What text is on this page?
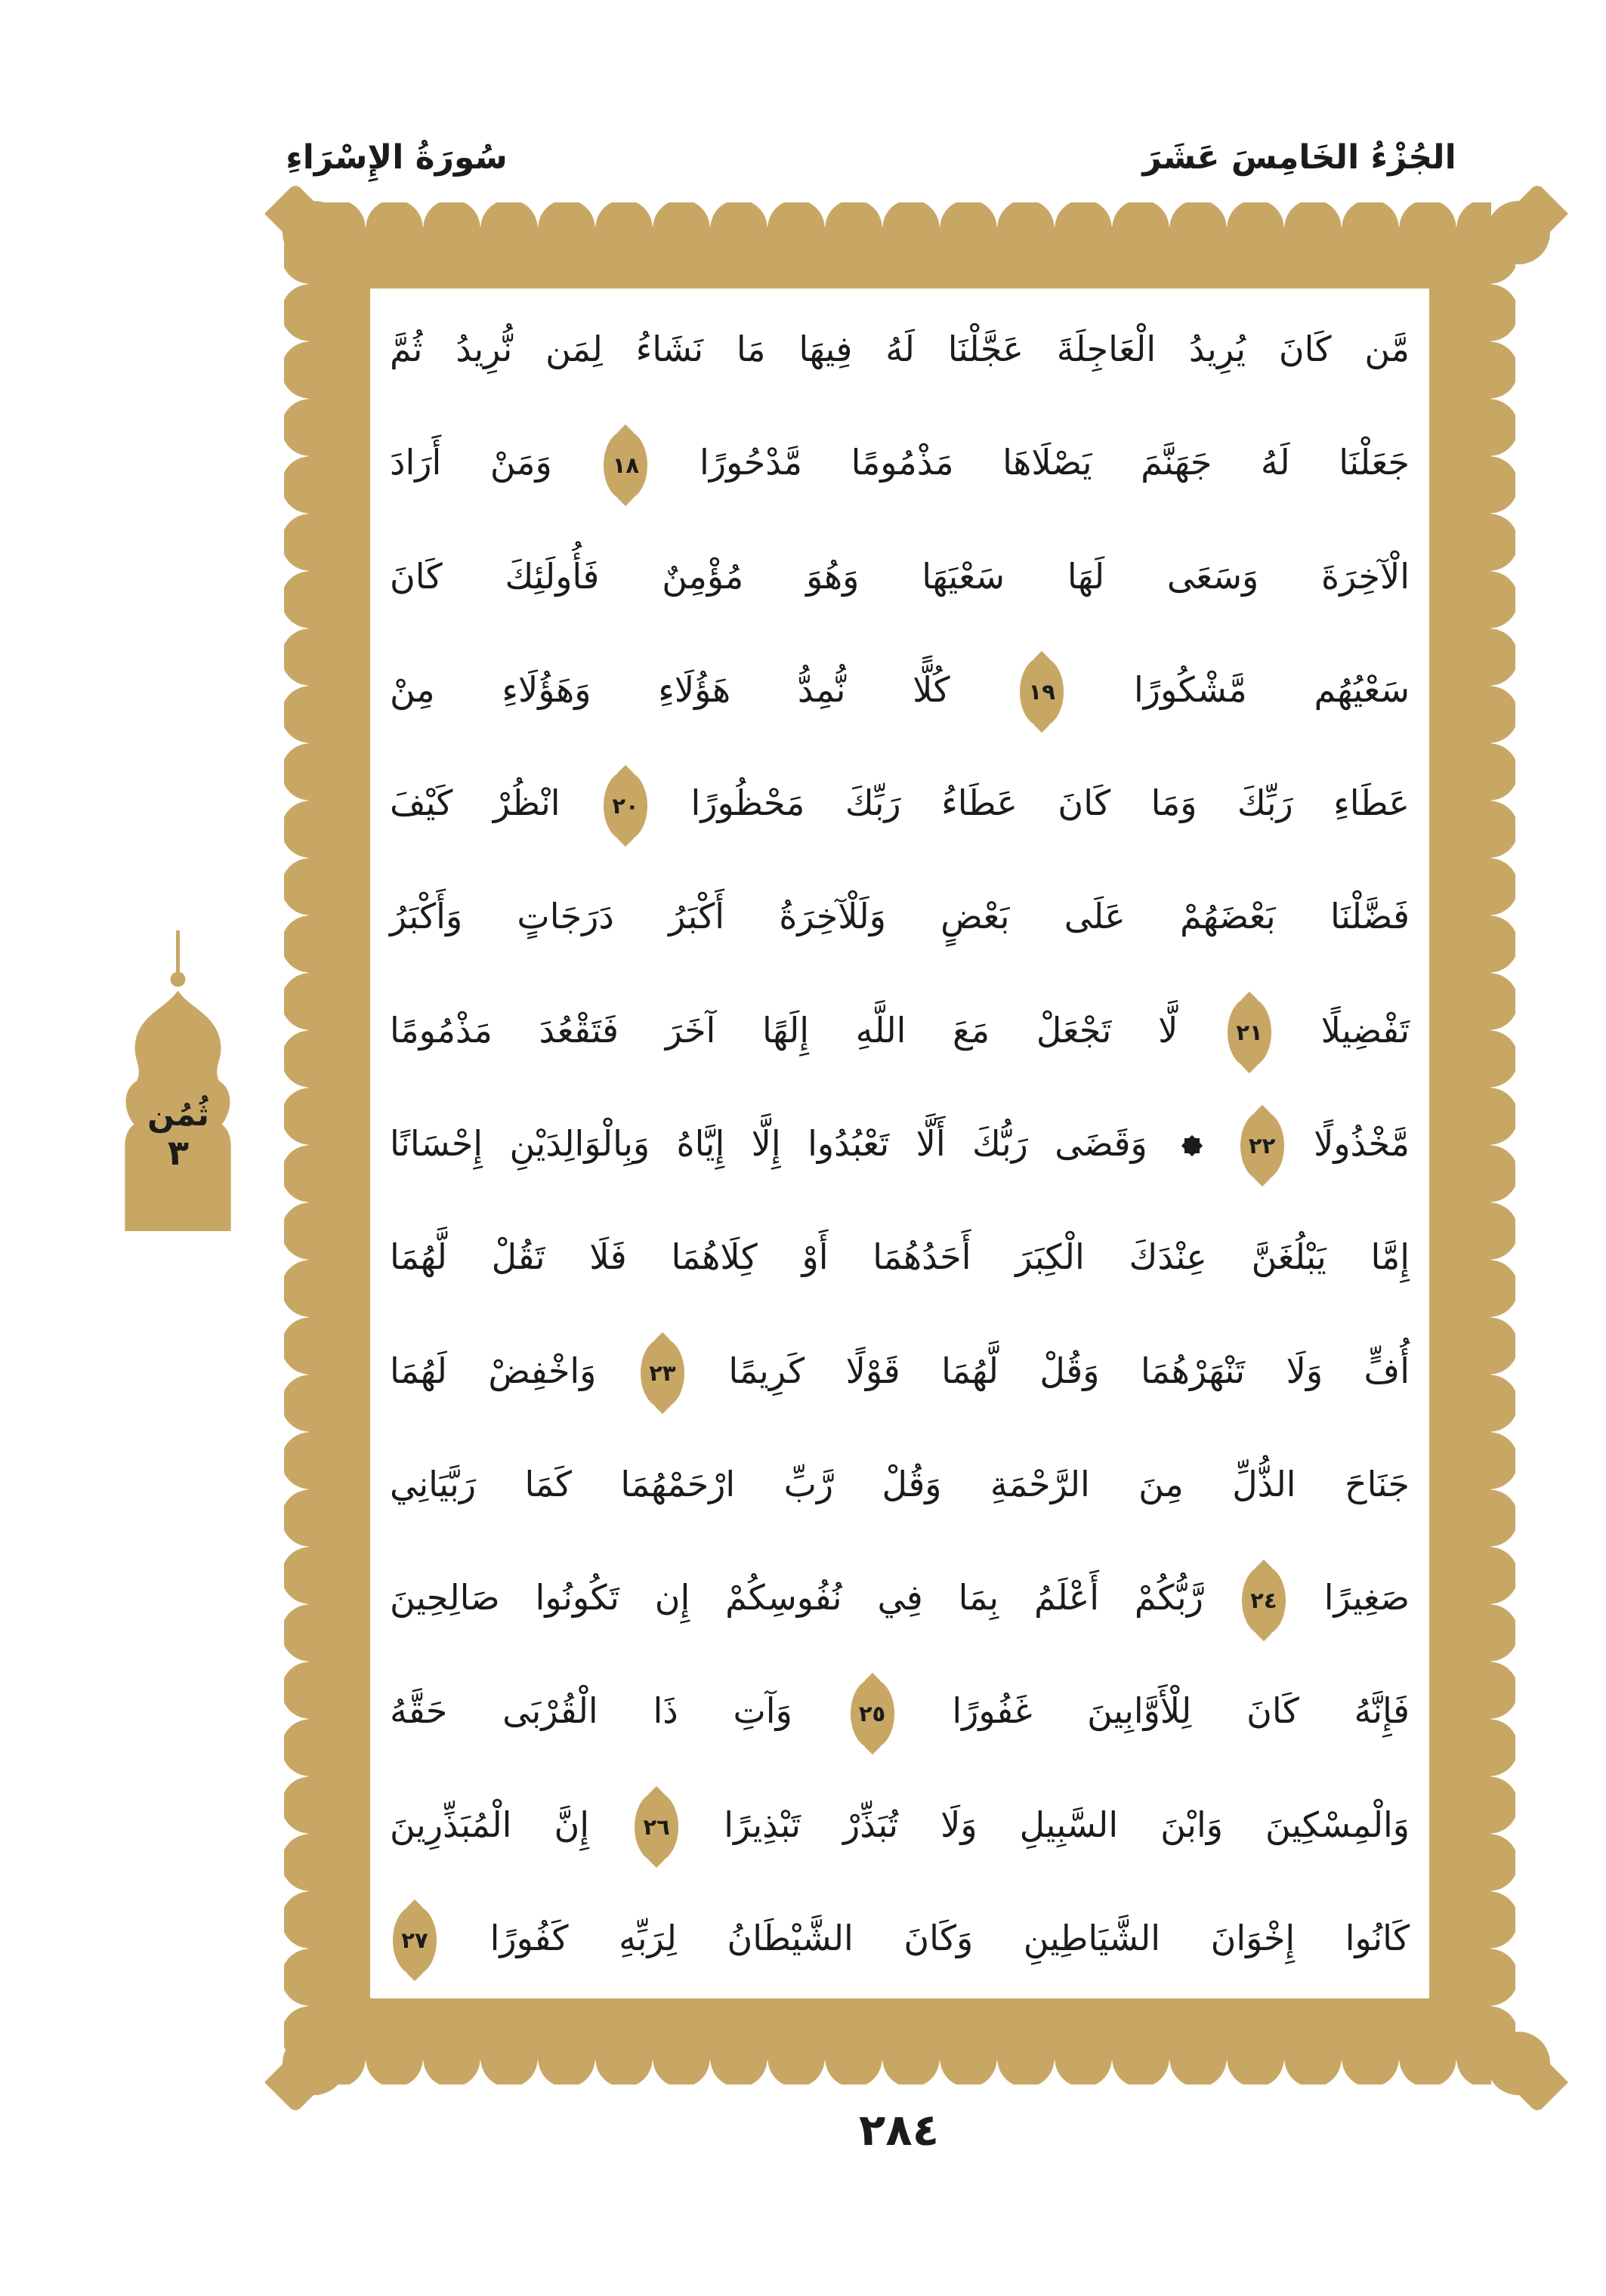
الجُزْءُ الخَامِسَ عَشَرَ
سُورَةُ الإِسْرَاءِ
مَّن كَانَ يُرِيدُ الْعَاجِلَةَ عَجَّلْنَا لَهُ فِيهَا مَا نَشَاءُ لِمَن نُّرِيدُ ثُمَّ
جَعَلْنَا لَهُ جَهَنَّمَ يَصْلَاهَا مَذْمُومًا مَّدْحُورًا
١٨
وَمَنْ أَرَادَ
الْآخِرَةَ وَسَعَى لَهَا سَعْيَهَا وَهُوَ مُؤْمِنٌ فَأُولَئِكَ كَانَ
سَعْيُهُم مَّشْكُورًا
١٩
كُلًّا نُّمِدُّ هَؤُلَاءِ وَهَؤُلَاءِ مِنْ
عَطَاءِ رَبِّكَ وَمَا كَانَ عَطَاءُ رَبِّكَ مَحْظُورًا
٢٠
انْظُرْ كَيْفَ
فَضَّلْنَا بَعْضَهُمْ عَلَى بَعْضٍ وَلَلْآخِرَةُ أَكْبَرُ دَرَجَاتٍ وَأَكْبَرُ
تَفْضِيلًا
٢١
لَّا تَجْعَلْ مَعَ اللَّهِ إِلَهًا آخَرَ فَتَقْعُدَ مَذْمُومًا
مَّخْذُولًا
٢٢
وَقَضَى رَبُّكَ أَلَّا تَعْبُدُوا إِلَّا إِيَّاهُ وَبِالْوَالِدَيْنِ إِحْسَانًا
إِمَّا يَبْلُغَنَّ عِنْدَكَ الْكِبَرَ أَحَدُهُمَا أَوْ كِلَاهُمَا فَلَا تَقُلْ لَّهُمَا
أُفٍّ وَلَا تَنْهَرْهُمَا وَقُلْ لَّهُمَا قَوْلًا كَرِيمًا
٢٣
وَاخْفِضْ لَهُمَا
جَنَاحَ الذُّلِّ مِنَ الرَّحْمَةِ وَقُلْ رَّبِّ ارْحَمْهُمَا كَمَا رَبَّيَانِي
صَغِيرًا
٢٤
رَّبُّكُمْ أَعْلَمُ بِمَا فِي نُفُوسِكُمْ إِن تَكُونُوا صَالِحِينَ
فَإِنَّهُ كَانَ لِلْأَوَّابِينَ غَفُورًا
٢٥
وَآتِ ذَا الْقُرْبَى حَقَّهُ
وَالْمِسْكِينَ وَابْنَ السَّبِيلِ وَلَا تُبَذِّرْ تَبْذِيرًا
٢٦
إِنَّ الْمُبَذِّرِينَ
كَانُوا إِخْوَانَ الشَّيَاطِينِ وَكَانَ الشَّيْطَانُ لِرَبِّهِ كَفُورًا
٢٧
ثُمُن
٣
٢٨٤
